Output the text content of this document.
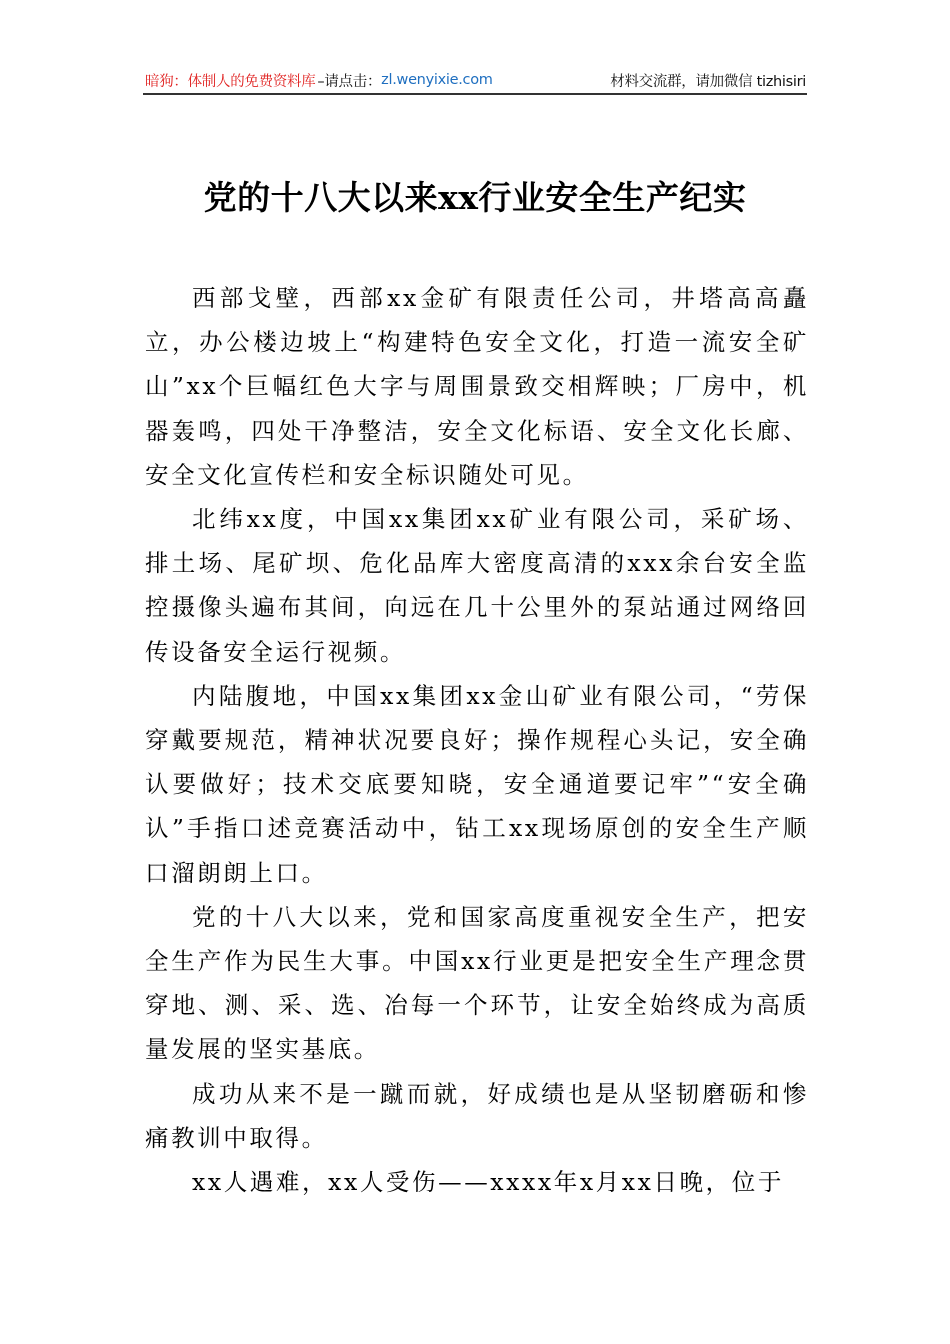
暗狗：体制人的免费资料库 –请点击： zl.wenyixie.com	材料交流群，请加微信 tizhisiri
党的十八大以来xx行业安全生产纪实

西部戈壁，西部xx金矿有限责任公司，井塔高高矗立，办公楼边坡上“构建特色安全文化，打造一流安全矿山”xx个巨幅红色大字与周围景致交相辉映；厂房中，机器轰鸣，四处干净整洁，安全文化标语、安全文化长廊、安全文化宣传栏和安全标识随处可见。

北纬xx度，中国xx集团xx矿业有限公司，采矿场、排土场、尾矿坝、危化品库大密度高清的xxx余台安全监控摄像头遍布其间，向远在几十公里外的泵站通过网络回传设备安全运行视频。

内陆腹地，中国xx集团xx金山矿业有限公司，“劳保穿戴要规范，精神状况要良好；操作规程心头记，安全确认要做好；技术交底要知晓，安全通道要记牢”“安全确认”手指口述竞赛活动中，钻工xx现场原创的安全生产顺口溜朗朗上口。

党的十八大以来，党和国家高度重视安全生产，把安全生产作为民生大事。中国xx行业更是把安全生产理念贯穿地、测、采、选、冶每一个环节，让安全始终成为高质量发展的坚实基底。

成功从来不是一蹴而就，好成绩也是从坚韧磨砺和惨痛教训中取得。

xx人遇难，xx人受伤——xxxx年x月xx日晚，位于
